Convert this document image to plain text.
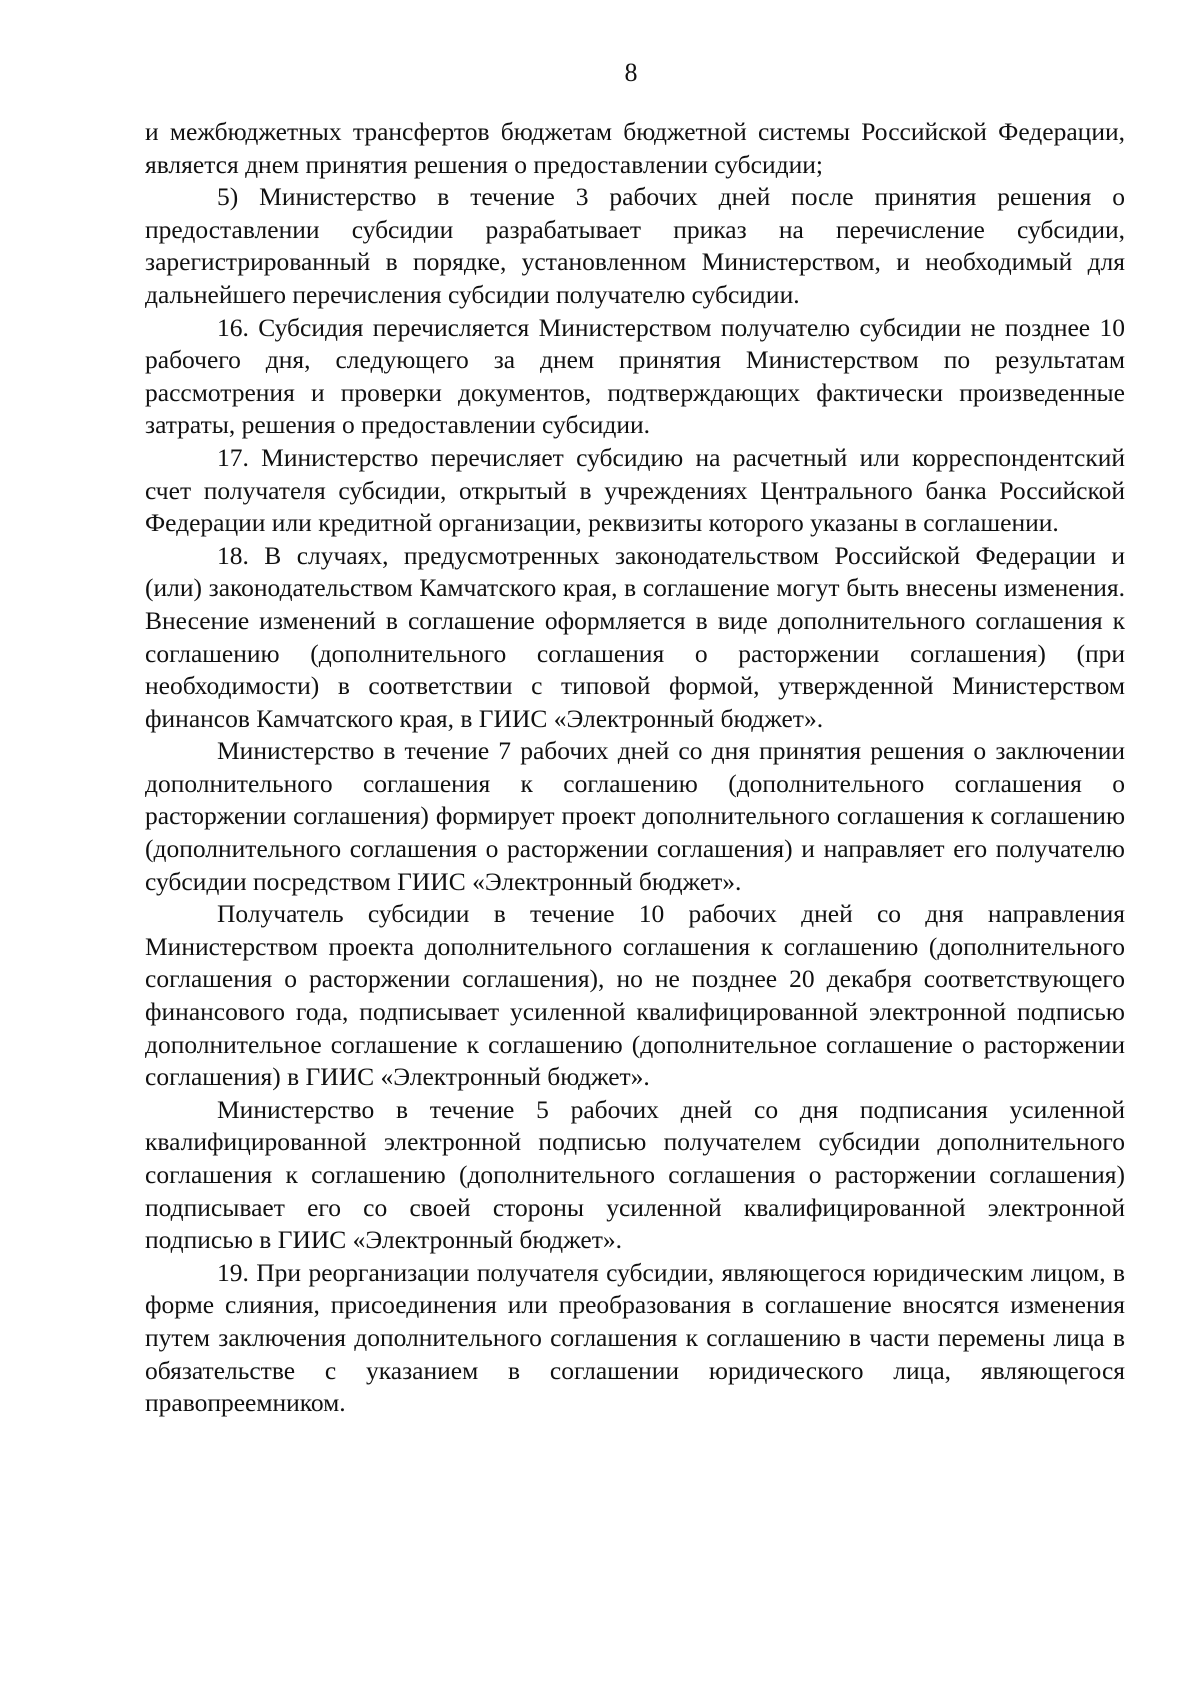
8

и межбюджетных трансфертов бюджетам бюджетной системы Российской Федерации, является днем принятия решения о предоставлении субсидии;

5) Министерство в течение 3 рабочих дней после принятия решения о предоставлении субсидии разрабатывает приказ на перечисление субсидии, зарегистрированный в порядке, установленном Министерством, и необходимый для дальнейшего перечисления субсидии получателю субсидии.

16. Субсидия перечисляется Министерством получателю субсидии не позднее 10 рабочего дня, следующего за днем принятия Министерством по результатам рассмотрения и проверки документов, подтверждающих фактически произведенные затраты, решения о предоставлении субсидии.

17. Министерство перечисляет субсидию на расчетный или корреспондентский счет получателя субсидии, открытый в учреждениях Центрального банка Российской Федерации или кредитной организации, реквизиты которого указаны в соглашении.

18. В случаях, предусмотренных законодательством Российской Федерации и (или) законодательством Камчатского края, в соглашение могут быть внесены изменения. Внесение изменений в соглашение оформляется в виде дополнительного соглашения к соглашению (дополнительного соглашения о расторжении соглашения) (при необходимости) в соответствии с типовой формой, утвержденной Министерством финансов Камчатского края, в ГИИС «Электронный бюджет».

Министерство в течение 7 рабочих дней со дня принятия решения о заключении дополнительного соглашения к соглашению (дополнительного соглашения о расторжении соглашения) формирует проект дополнительного соглашения к соглашению (дополнительного соглашения о расторжении соглашения) и направляет его получателю субсидии посредством ГИИС «Электронный бюджет».

Получатель субсидии в течение 10 рабочих дней со дня направления Министерством проекта дополнительного соглашения к соглашению (дополнительного соглашения о расторжении соглашения), но не позднее 20 декабря соответствующего финансового года, подписывает усиленной квалифицированной электронной подписью дополнительное соглашение к соглашению (дополнительное соглашение о расторжении соглашения) в ГИИС «Электронный бюджет».

Министерство в течение 5 рабочих дней со дня подписания усиленной квалифицированной электронной подписью получателем субсидии дополнительного соглашения к соглашению (дополнительного соглашения о расторжении соглашения) подписывает его со своей стороны усиленной квалифицированной электронной подписью в ГИИС «Электронный бюджет».

19. При реорганизации получателя субсидии, являющегося юридическим лицом, в форме слияния, присоединения или преобразования в соглашение вносятся изменения путем заключения дополнительного соглашения к соглашению в части перемены лица в обязательстве с указанием в соглашении юридического лица, являющегося правопреемником.
